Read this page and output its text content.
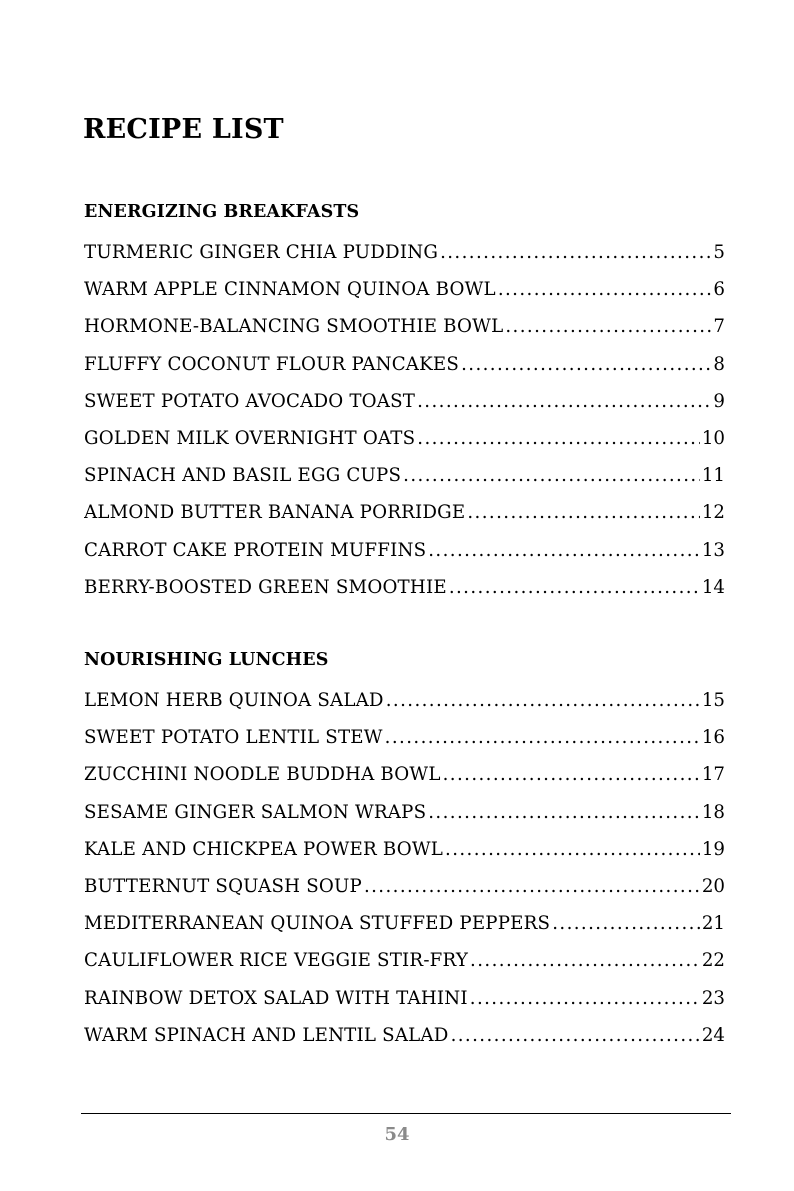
RECIPE LIST
ENERGIZING BREAKFASTS
TURMERIC GINGER CHIA PUDDING .....	5
WARM APPLE CINNAMON QUINOA BOWL .....	6
HORMONE-BALANCING SMOOTHIE BOWL .....	7
FLUFFY COCONUT FLOUR PANCAKES .....	8
SWEET POTATO AVOCADO TOAST .....	9
GOLDEN MILK OVERNIGHT OATS .....	10
SPINACH AND BASIL EGG CUPS .....	11
ALMOND BUTTER BANANA PORRIDGE .....	12
CARROT CAKE PROTEIN MUFFINS .....	13
BERRY-BOOSTED GREEN SMOOTHIE .....	14
NOURISHING LUNCHES
LEMON HERB QUINOA SALAD .....	15
SWEET POTATO LENTIL STEW .....	16
ZUCCHINI NOODLE BUDDHA BOWL .....	17
SESAME GINGER SALMON WRAPS .....	18
KALE AND CHICKPEA POWER BOWL .....	19
BUTTERNUT SQUASH SOUP .....	20
MEDITERRANEAN QUINOA STUFFED PEPPERS .....	21
CAULIFLOWER RICE VEGGIE STIR-FRY .....	22
RAINBOW DETOX SALAD WITH TAHINI .....	23
WARM SPINACH AND LENTIL SALAD .....	24
54
